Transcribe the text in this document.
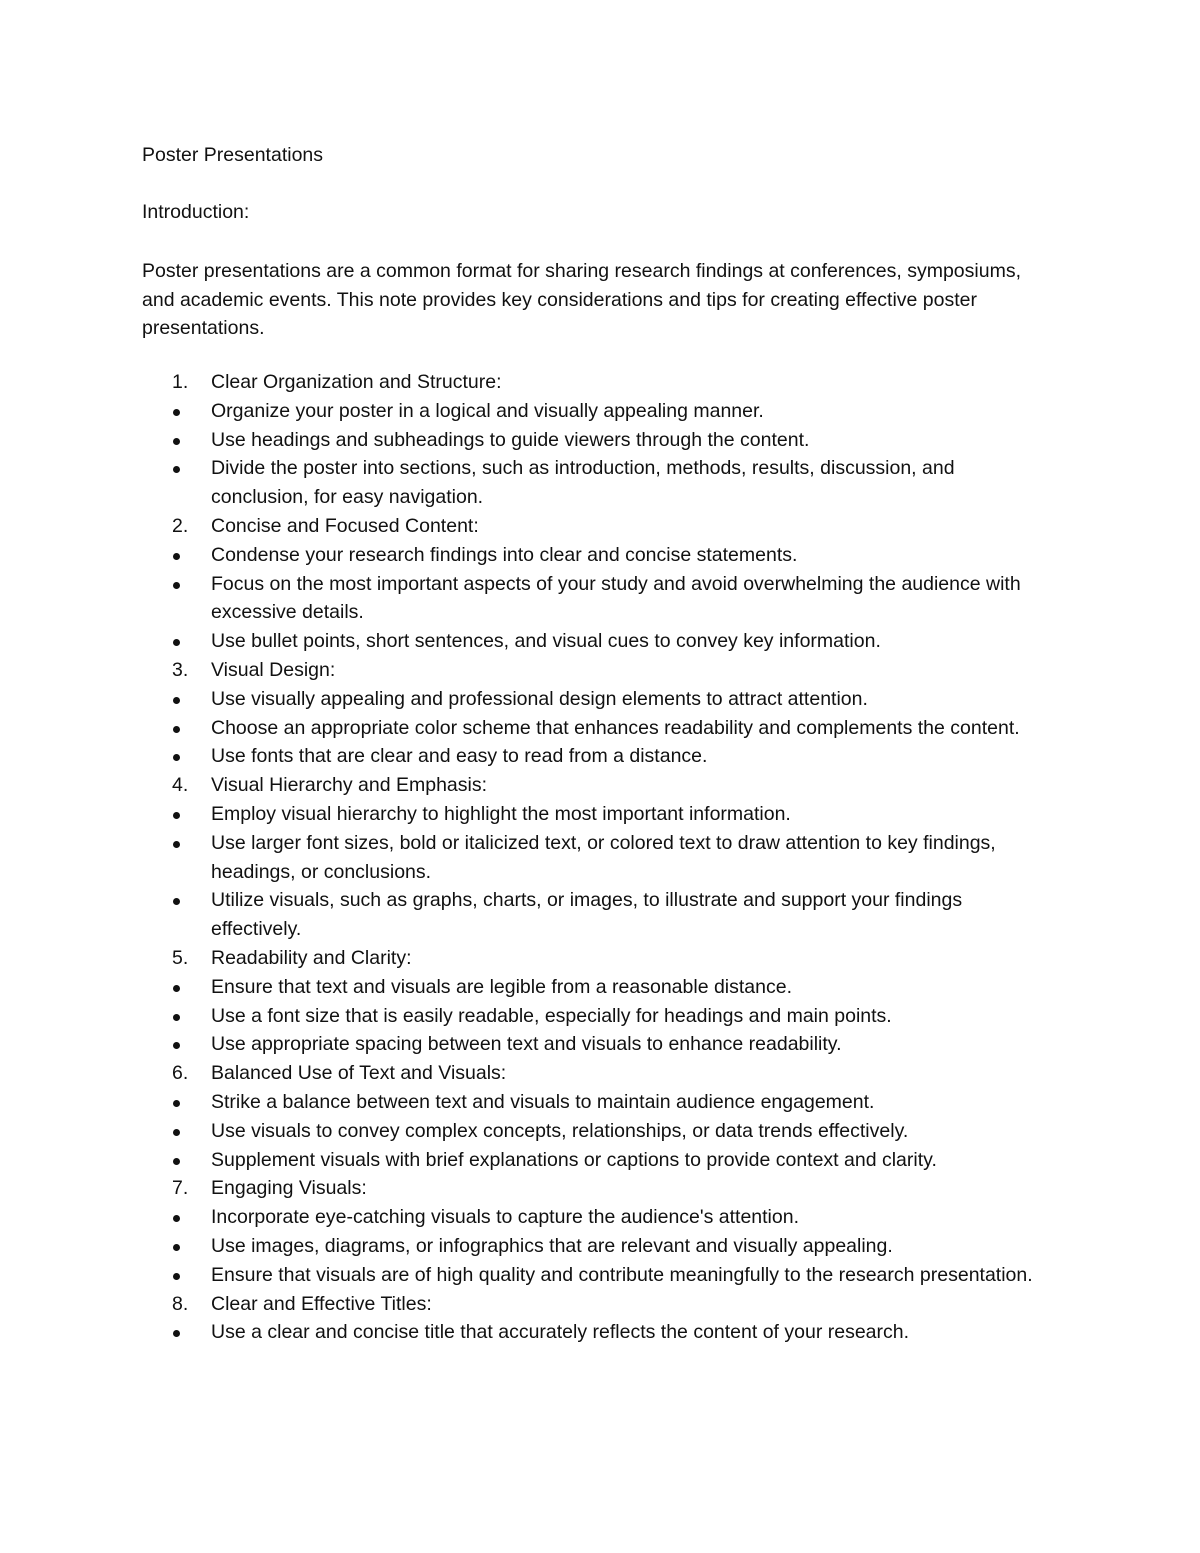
Poster Presentations
Introduction:

Poster presentations are a common format for sharing research findings at conferences, symposiums, and academic events. This note provides key considerations and tips for creating effective poster presentations.

1.	Clear Organization and Structure:
Organize your poster in a logical and visually appealing manner.
Use headings and subheadings to guide viewers through the content.
Divide the poster into sections, such as introduction, methods, results, discussion, and conclusion, for easy navigation.
2.	Concise and Focused Content:
Condense your research findings into clear and concise statements.
Focus on the most important aspects of your study and avoid overwhelming the audience with excessive details.
Use bullet points, short sentences, and visual cues to convey key information.
3.	Visual Design:
Use visually appealing and professional design elements to attract attention.
Choose an appropriate color scheme that enhances readability and complements the content.
Use fonts that are clear and easy to read from a distance.
4.	Visual Hierarchy and Emphasis:
Employ visual hierarchy to highlight the most important information.
Use larger font sizes, bold or italicized text, or colored text to draw attention to key findings, headings, or conclusions.
Utilize visuals, such as graphs, charts, or images, to illustrate and support your findings effectively.
5.	Readability and Clarity:
Ensure that text and visuals are legible from a reasonable distance.
Use a font size that is easily readable, especially for headings and main points.
Use appropriate spacing between text and visuals to enhance readability.
6.	Balanced Use of Text and Visuals:
Strike a balance between text and visuals to maintain audience engagement.
Use visuals to convey complex concepts, relationships, or data trends effectively.
Supplement visuals with brief explanations or captions to provide context and clarity.
7.	Engaging Visuals:
Incorporate eye-catching visuals to capture the audience's attention.
Use images, diagrams, or infographics that are relevant and visually appealing.
Ensure that visuals are of high quality and contribute meaningfully to the research presentation.
8.	Clear and Effective Titles:
Use a clear and concise title that accurately reflects the content of your research.
